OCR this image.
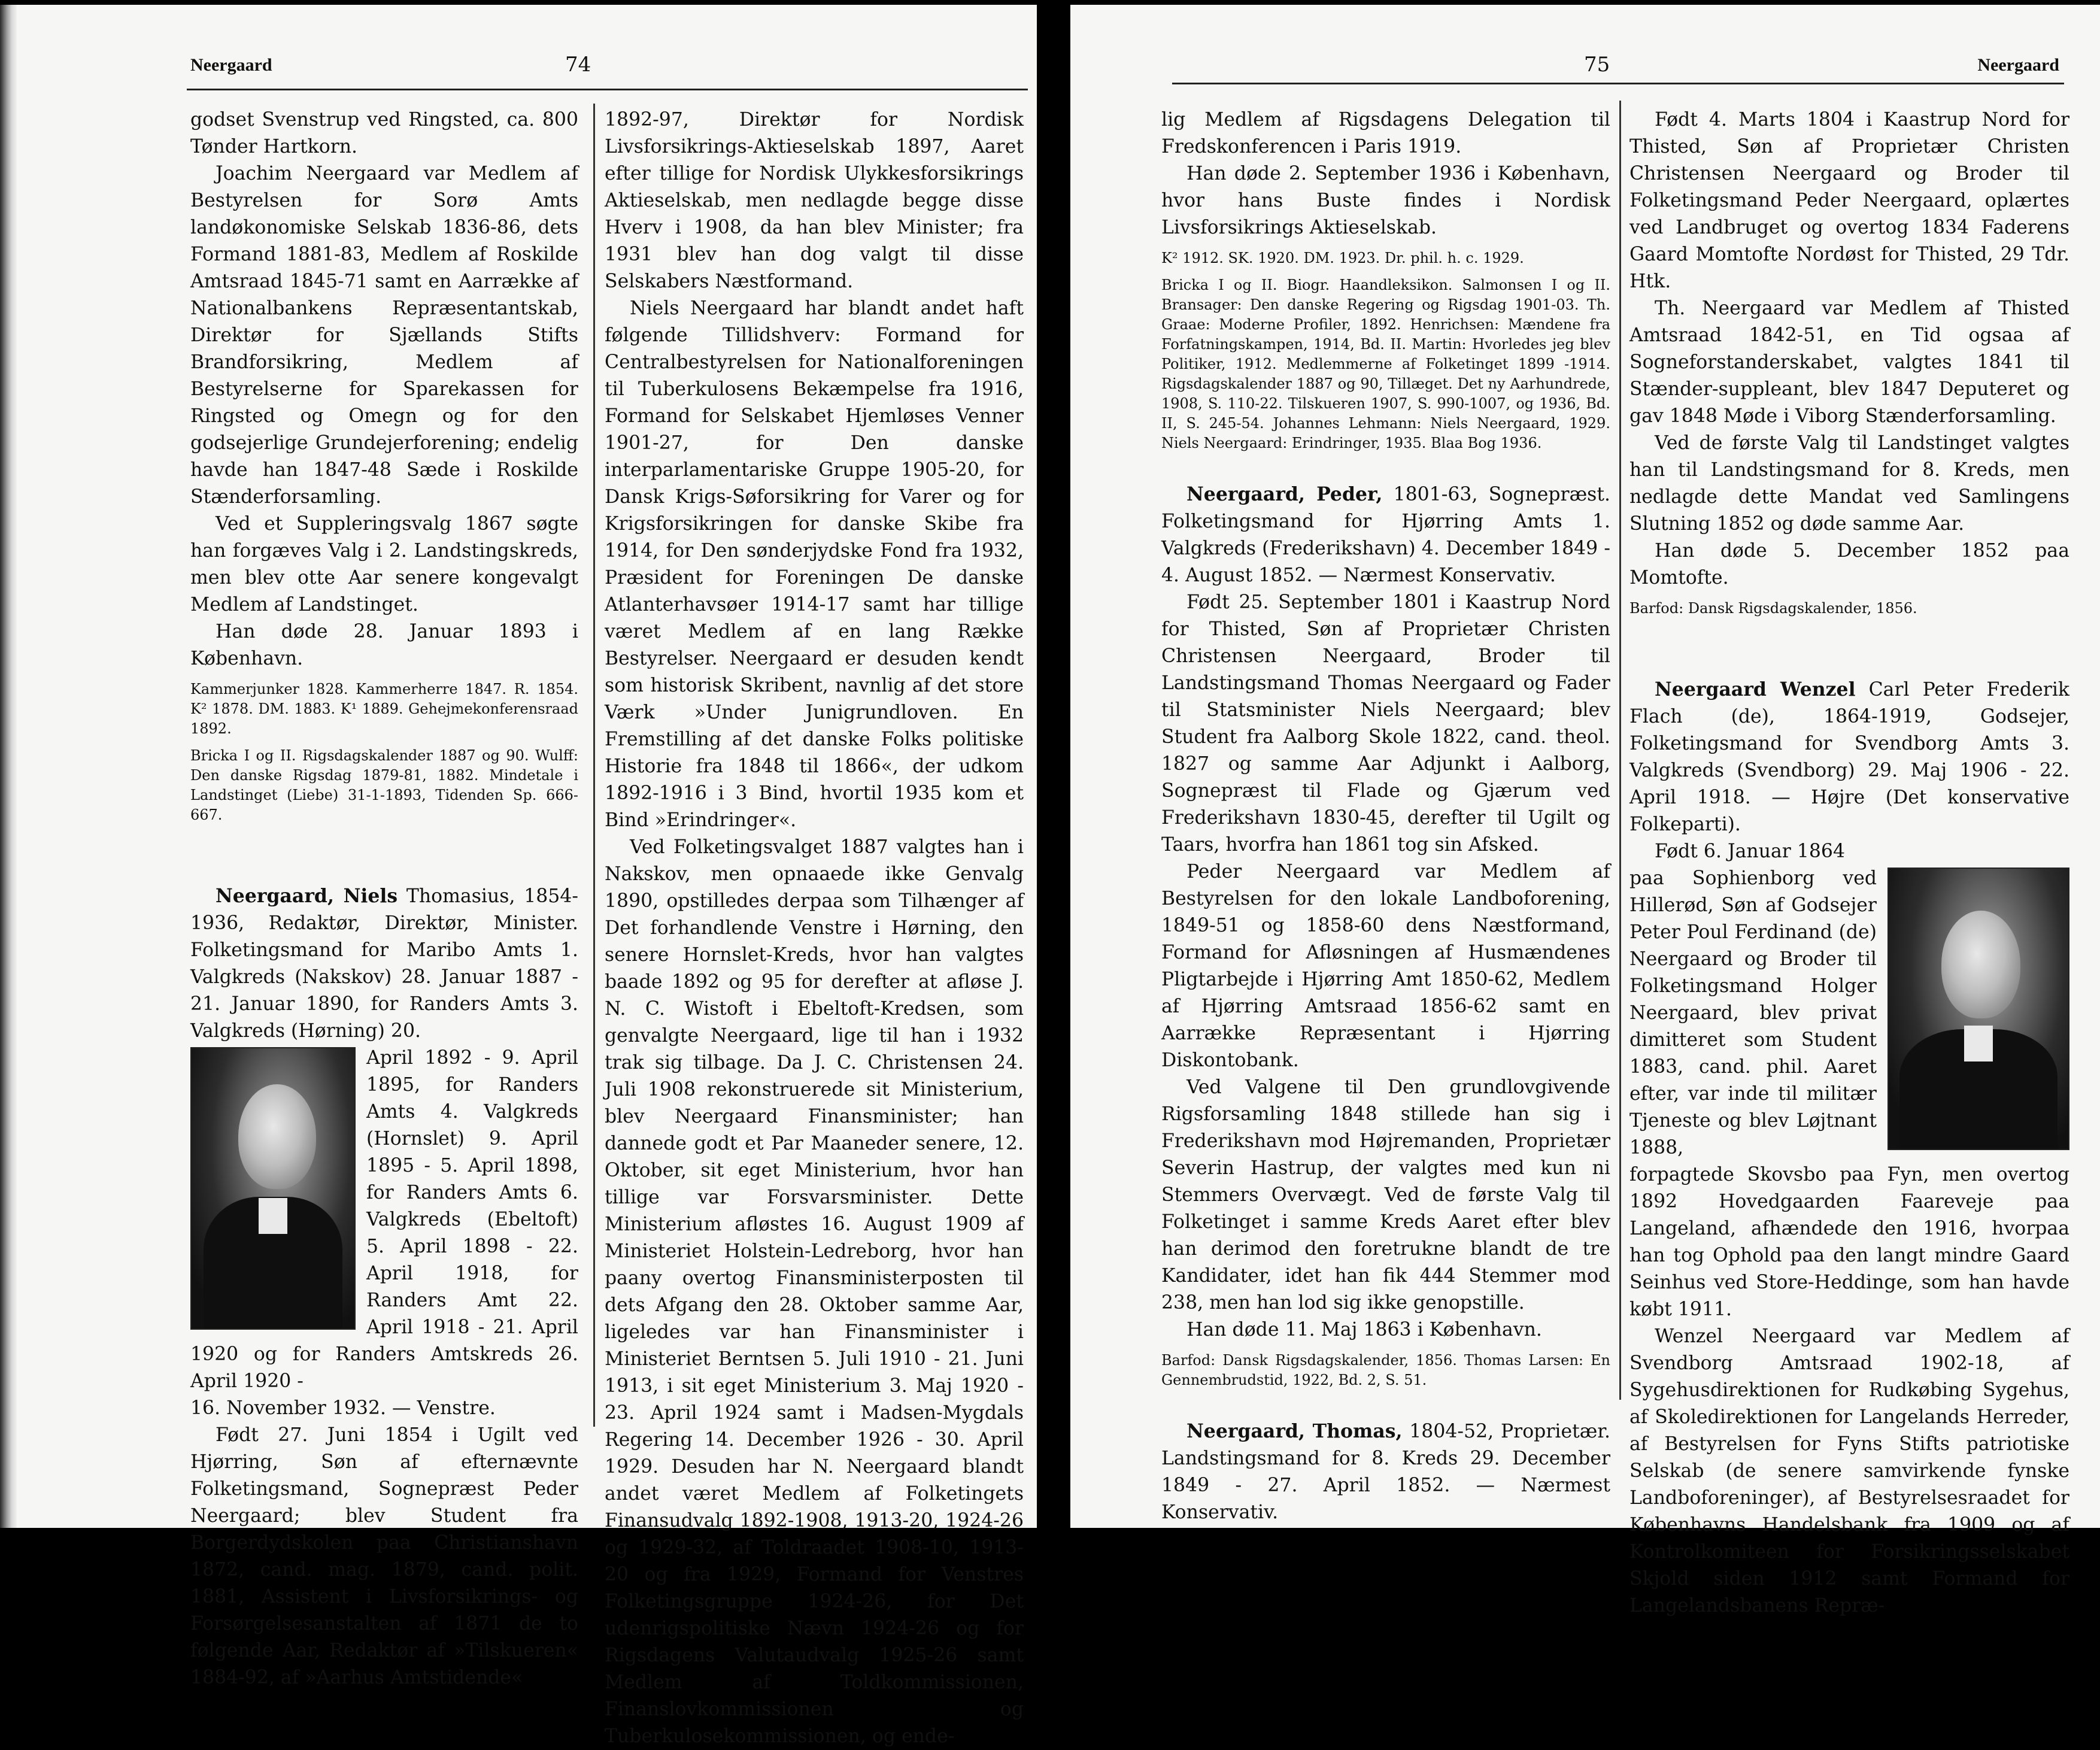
Neergaard	74

godset Svenstrup ved Ringsted, ca. 800 Tønder Hartkorn.

Joachim Neergaard var Medlem af Bestyrelsen for Sorø Amts landøkonomiske Selskab 1836-86, dets Formand 1881-83, Medlem af Roskilde Amtsraad 1845-71 samt en Aarrække af Nationalbankens Repræsentantskab, Direktør for Sjællands Stifts Brandforsikring, Medlem af Bestyrelserne for Sparekassen for Ringsted og Omegn og for den godsejerlige Grundejerforening; endelig havde han 1847-48 Sæde i Roskilde Stænderforsamling.

Ved et Suppleringsvalg 1867 søgte han forgæves Valg i 2. Landstingskreds, men blev otte Aar senere kongevalgt Medlem af Landstinget.

Han døde 28. Januar 1893 i København.

Kammerjunker 1828. Kammerherre 1847. R. 1854. K² 1878. DM. 1883. K¹ 1889. Gehejmekonferensraad 1892.

Bricka I og II. Rigsdagskalender 1887 og 90. Wulff: Den danske Rigsdag 1879-81, 1882. Mindetale i Landstinget (Liebe) 31-1-1893, Tidenden Sp. 666-667.

Neergaard, Niels Thomasius, 1854-1936, Redaktør, Direktør, Minister. Folketingsmand for Maribo Amts 1. Valgkreds (Nakskov) 28. Januar 1887 - 21. Januar 1890, for Randers Amts 3. Valgkreds (Hørning) 20.

April 1892 - 9. April 1895, for Randers Amts 4. Valgkreds (Hornslet) 9. April 1895 - 5. April 1898, for Randers Amts 6. Valgkreds (Ebeltoft) 5. April 1898 - 22. April 1918, for Randers Amt 22. April 1918 - 21. April 1920 og for Randers Amtskreds 26. April 1920 -

16. November 1932. — Venstre.

Født 27. Juni 1854 i Ugilt ved Hjørring, Søn af efternævnte Folketingsmand, Sognepræst Peder Neergaard; blev Student fra Borgerdydskolen paa Christianshavn 1872, cand. mag. 1879, cand. polit. 1881, Assistent i Livsforsikrings- og Forsørgelsesanstalten af 1871 de to følgende Aar, Redaktør af »Tilskueren« 1884-92, af »Aarhus Amtstidende«

1892-97, Direktør for Nordisk Livsforsikrings-Aktieselskab 1897, Aaret efter tillige for Nordisk Ulykkesforsikrings Aktieselskab, men nedlagde begge disse Hverv i 1908, da han blev Minister; fra 1931 blev han dog valgt til disse Selskabers Næstformand.

Niels Neergaard har blandt andet haft følgende Tillidshverv: Formand for Centralbestyrelsen for Nationalforeningen til Tuberkulosens Bekæmpelse fra 1916, Formand for Selskabet Hjemløses Venner 1901-27, for Den danske interparlamentariske Gruppe 1905-20, for Dansk Krigs-Søforsikring for Varer og for Krigsforsikringen for danske Skibe fra 1914, for Den sønderjydske Fond fra 1932, Præsident for Foreningen De danske Atlanterhavsøer 1914-17 samt har tillige været Medlem af en lang Række Bestyrelser. Neergaard er desuden kendt som historisk Skribent, navnlig af det store Værk »Under Junigrundloven. En Fremstilling af det danske Folks politiske Historie fra 1848 til 1866«, der udkom 1892-1916 i 3 Bind, hvortil 1935 kom et Bind »Erindringer«.

Ved Folketingsvalget 1887 valgtes han i Nakskov, men opnaaede ikke Genvalg 1890, opstilledes derpaa som Tilhænger af Det forhandlende Venstre i Hørning, den senere Hornslet-Kreds, hvor han valgtes baade 1892 og 95 for derefter at afløse J. N. C. Wistoft i Ebeltoft-Kredsen, som genvalgte Neergaard, lige til han i 1932 trak sig tilbage. Da J. C. Christensen 24. Juli 1908 rekonstruerede sit Ministerium, blev Neergaard Finansminister; han dannede godt et Par Maaneder senere, 12. Oktober, sit eget Ministerium, hvor han tillige var Forsvarsminister. Dette Ministerium afløstes 16. August 1909 af Ministeriet Holstein-Ledreborg, hvor han paany overtog Finansministerposten til dets Afgang den 28. Oktober samme Aar, ligeledes var han Finansminister i Ministeriet Berntsen 5. Juli 1910 - 21. Juni 1913, i sit eget Ministerium 3. Maj 1920 - 23. April 1924 samt i Madsen-Mygdals Regering 14. December 1926 - 30. April 1929. Desuden har N. Neergaard blandt andet været Medlem af Folketingets Finansudvalg 1892-1908, 1913-20, 1924-26 og 1929-32, af Toldraadet 1908-10, 1913-20 og fra 1929, Formand for Venstres Folketingsgruppe 1924-26, for Det udenrigspolitiske Nævn 1924-26 og for Rigsdagens Valutaudvalg 1925-26 samt Medlem af Toldkommissionen, Finanslovkommissionen og Tuberkulosekommissionen, og ende-

75	Neergaard

lig Medlem af Rigsdagens Delegation til Fredskonferencen i Paris 1919.

Han døde 2. September 1936 i København, hvor hans Buste findes i Nordisk Livsforsikrings Aktieselskab.

K² 1912. SK. 1920. DM. 1923. Dr. phil. h. c. 1929.

Bricka I og II. Biogr. Haandleksikon. Salmonsen I og II. Bransager: Den danske Regering og Rigsdag 1901-03. Th. Graae: Moderne Profiler, 1892. Henrichsen: Mændene fra Forfatningskampen, 1914, Bd. II. Martin: Hvorledes jeg blev Politiker, 1912. Medlemmerne af Folketinget 1899 -1914. Rigsdagskalender 1887 og 90, Tillæget. Det ny Aarhundrede, 1908, S. 110-22. Tilskueren 1907, S. 990-1007, og 1936, Bd. II, S. 245-54. Johannes Lehmann: Niels Neergaard, 1929. Niels Neergaard: Erindringer, 1935. Blaa Bog 1936.

Neergaard, Peder, 1801-63, Sognepræst. Folketingsmand for Hjørring Amts 1. Valgkreds (Frederikshavn) 4. December 1849 - 4. August 1852. — Nærmest Konservativ.

Født 25. September 1801 i Kaastrup Nord for Thisted, Søn af Proprietær Christen Christensen Neergaard, Broder til Landstingsmand Thomas Neergaard og Fader til Statsminister Niels Neergaard; blev Student fra Aalborg Skole 1822, cand. theol. 1827 og samme Aar Adjunkt i Aalborg, Sognepræst til Flade og Gjærum ved Frederikshavn 1830-45, derefter til Ugilt og Taars, hvorfra han 1861 tog sin Afsked.

Peder Neergaard var Medlem af Bestyrelsen for den lokale Landboforening, 1849-51 og 1858-60 dens Næstformand, Formand for Afløsningen af Husmændenes Pligtarbejde i Hjørring Amt 1850-62, Medlem af Hjørring Amtsraad 1856-62 samt en Aarrække Repræsentant i Hjørring Diskontobank.

Ved Valgene til Den grundlovgivende Rigsforsamling 1848 stillede han sig i Frederikshavn mod Højremanden, Proprietær Severin Hastrup, der valgtes med kun ni Stemmers Overvægt. Ved de første Valg til Folketinget i samme Kreds Aaret efter blev han derimod den foretrukne blandt de tre Kandidater, idet han fik 444 Stemmer mod 238, men han lod sig ikke genopstille.

Han døde 11. Maj 1863 i København.

Barfod: Dansk Rigsdagskalender, 1856. Thomas Larsen: En Gennembrudstid, 1922, Bd. 2, S. 51.

Neergaard, Thomas, 1804-52, Proprietær. Landstingsmand for 8. Kreds 29. December 1849 - 27. April 1852. — Nærmest Konservativ.

Født 4. Marts 1804 i Kaastrup Nord for Thisted, Søn af Proprietær Christen Christensen Neergaard og Broder til Folketingsmand Peder Neergaard, oplærtes ved Landbruget og overtog 1834 Faderens Gaard Momtofte Nordøst for Thisted, 29 Tdr. Htk.

Th. Neergaard var Medlem af Thisted Amtsraad 1842-51, en Tid ogsaa af Sogneforstanderskabet, valgtes 1841 til Stænder-suppleant, blev 1847 Deputeret og gav 1848 Møde i Viborg Stænderforsamling.

Ved de første Valg til Landstinget valgtes han til Landstingsmand for 8. Kreds, men nedlagde dette Mandat ved Samlingens Slutning 1852 og døde samme Aar.

Han døde 5. December 1852 paa Momtofte.

Barfod: Dansk Rigsdagskalender, 1856.

Neergaard Wenzel Carl Peter Frederik Flach (de), 1864-1919, Godsejer, Folketingsmand for Svendborg Amts 3. Valgkreds (Svendborg) 29. Maj 1906 - 22. April 1918. — Højre (Det konservative Folkeparti).

Født 6. Januar 1864

paa Sophienborg ved Hillerød, Søn af Godsejer Peter Poul Ferdinand (de) Neergaard og Broder til Folketingsmand Holger Neergaard, blev privat dimitteret som Student 1883, cand. phil. Aaret efter, var inde til militær Tjeneste og blev Løjtnant 1888,

forpagtede Skovsbo paa Fyn, men overtog 1892 Hovedgaarden Faareveje paa Langeland, afhændede den 1916, hvorpaa han tog Ophold paa den langt mindre Gaard Seinhus ved Store-Heddinge, som han havde købt 1911.

Wenzel Neergaard var Medlem af Svendborg Amtsraad 1902-18, af Sygehusdirektionen for Rudkøbing Sygehus, af Skoledirektionen for Langelands Herreder, af Bestyrelsen for Fyns Stifts patriotiske Selskab (de senere samvirkende fynske Landboforeninger), af Bestyrelsesraadet for Københavns Handelsbank fra 1909 og af Kontrolkomiteen for Forsikringsselskabet Skjold siden 1912 samt Formand for Langelandsbanens Repræ-
